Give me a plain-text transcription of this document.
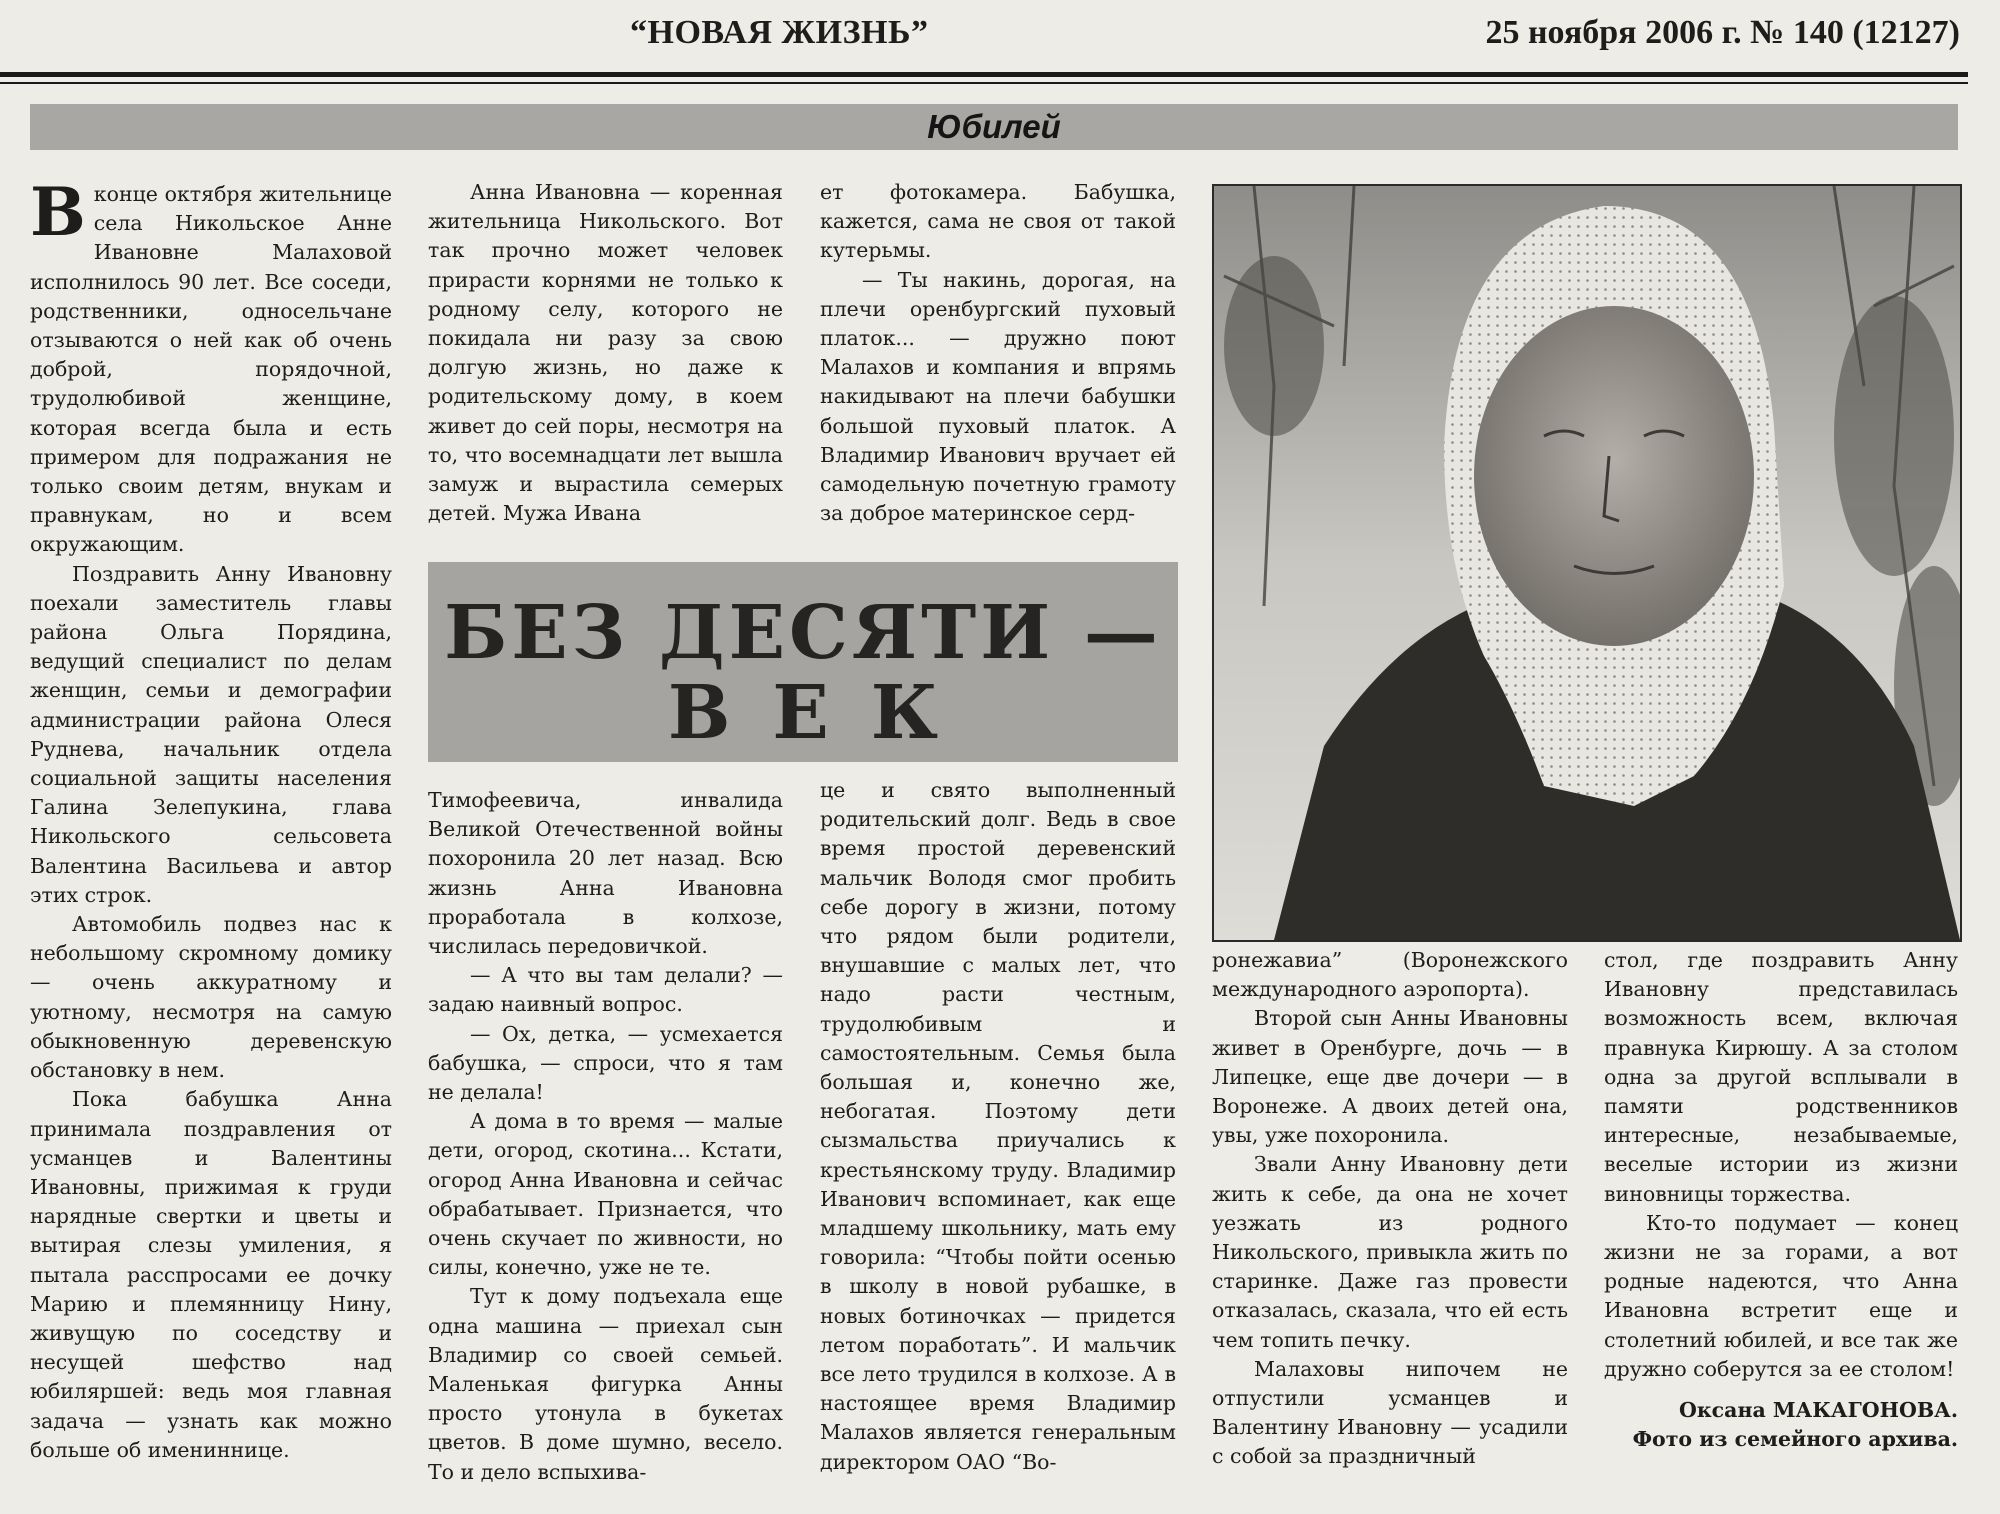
“НОВАЯ ЖИЗНЬ”	25 ноября 2006 г. № 140 (12127)
Юбилей

Вконце октября жительнице села Никольское Анне Ивановне Малаховой исполнилось 90 лет. Все соседи, родственники, односельчане отзываются о ней как об очень доброй, порядочной, трудолюбивой женщине, которая всегда была и есть примером для подражания не только своим детям, внукам и правнукам, но и всем окружающим.

Поздравить Анну Ивановну поехали заместитель главы района Ольга Порядина, ведущий специалист по делам женщин, семьи и демографии администрации района Олеся Руднева, начальник отдела социальной защиты населения Галина Зелепукина, глава Никольского сельсовета Валентина Васильева и автор этих строк.

Автомобиль подвез нас к небольшому скромному домику — очень аккуратному и уютному, несмотря на самую обыкновенную деревенскую обстановку в нем.

Пока бабушка Анна принимала поздравления от усманцев и Валентины Ивановны, прижимая к груди нарядные свертки и цветы и вытирая слезы умиления, я пытала расспросами ее дочку Марию и племянницу Нину, живущую по соседству и несущей шефство над юбиляршей: ведь моя главная задача — узнать как можно больше об имениннице.

Анна Ивановна — коренная жительница Никольского. Вот так прочно может человек прирасти корнями не только к родному селу, которого не покидала ни разу за свою долгую жизнь, но даже к родительскому дому, в коем живет до сей поры, несмотря на то, что восемнадцати лет вышла замуж и вырастила семерых детей. Мужа Ивана

ет фотокамера. Бабушка, кажется, сама не своя от такой кутерьмы.

— Ты накинь, дорогая, на плечи оренбургский пуховый платок... — дружно поют Малахов и компания и впрямь накидывают на плечи бабушки большой пуховый платок. А Владимир Иванович вручает ей самодельную почетную грамоту за доброе материнское серд-

БЕЗ ДЕСЯТИ —
ВЕК

Тимофеевича, инвалида Великой Отечественной войны похоронила 20 лет назад. Всю жизнь Анна Ивановна проработала в колхозе, числилась передовичкой.

— А что вы там делали? — задаю наивный вопрос.

— Ох, детка, — усмехается бабушка, — спроси, что я там не делала!

А дома в то время — малые дети, огород, скотина... Кстати, огород Анна Ивановна и сейчас обрабатывает. Признается, что очень скучает по живности, но силы, конечно, уже не те.

Тут к дому подъехала еще одна машина — приехал сын Владимир со своей семьей. Маленькая фигурка Анны просто утонула в букетах цветов. В доме шумно, весело. То и дело вспыхива-

це и свято выполненный родительский долг. Ведь в свое время простой деревенский мальчик Володя смог пробить себе дорогу в жизни, потому что рядом были родители, внушавшие с малых лет, что надо расти честным, трудолюбивым и самостоятельным. Семья была большая и, конечно же, небогатая. Поэтому дети сызмальства приучались к крестьянскому труду. Владимир Иванович вспоминает, как еще младшему школьнику, мать ему говорила: “Чтобы пойти осенью в школу в новой рубашке, в новых ботиночках — придется летом поработать”. И мальчик все лето трудился в колхозе. А в настоящее время Владимир Малахов является генеральным директором ОАО “Во-

ронежавиа” (Воронежского международного аэропорта).

Второй сын Анны Ивановны живет в Оренбурге, дочь — в Липецке, еще две дочери — в Воронеже. А двоих детей она, увы, уже похоронила.

Звали Анну Ивановну дети жить к себе, да она не хочет уезжать из родного Никольского, привыкла жить по старинке. Даже газ провести отказалась, сказала, что ей есть чем топить печку.

Малаховы нипочем не отпустили усманцев и Валентину Ивановну — усадили с собой за праздничный

стол, где поздравить Анну Ивановну представилась возможность всем, включая правнука Кирюшу. А за столом одна за другой всплывали в памяти родственников интересные, незабываемые, веселые истории из жизни виновницы торжества.

Кто-то подумает — конец жизни не за горами, а вот родные надеются, что Анна Ивановна встретит еще и столетний юбилей, и все так же дружно соберутся за ее столом!

Оксана МАКАГОНОВА.

Фото из семейного архива.
